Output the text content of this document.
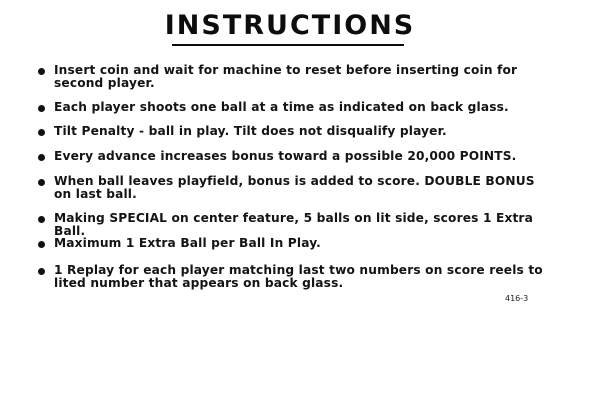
INSTRUCTIONS
Insert coin and wait for machine to reset before inserting coin for second player.
Each player shoots one ball at a time as indicated on back glass.
Tilt Penalty - ball in play. Tilt does not disqualify player.
Every advance increases bonus toward a possible 20,000 POINTS.
When ball leaves playfield, bonus is added to score. DOUBLE BONUS on last ball.
Making SPECIAL on center feature, 5 balls on lit side, scores 1 Extra Ball.
Maximum 1 Extra Ball per Ball In Play.
1 Replay for each player matching last two numbers on score reels to lited number that appears on back glass.
416-3
